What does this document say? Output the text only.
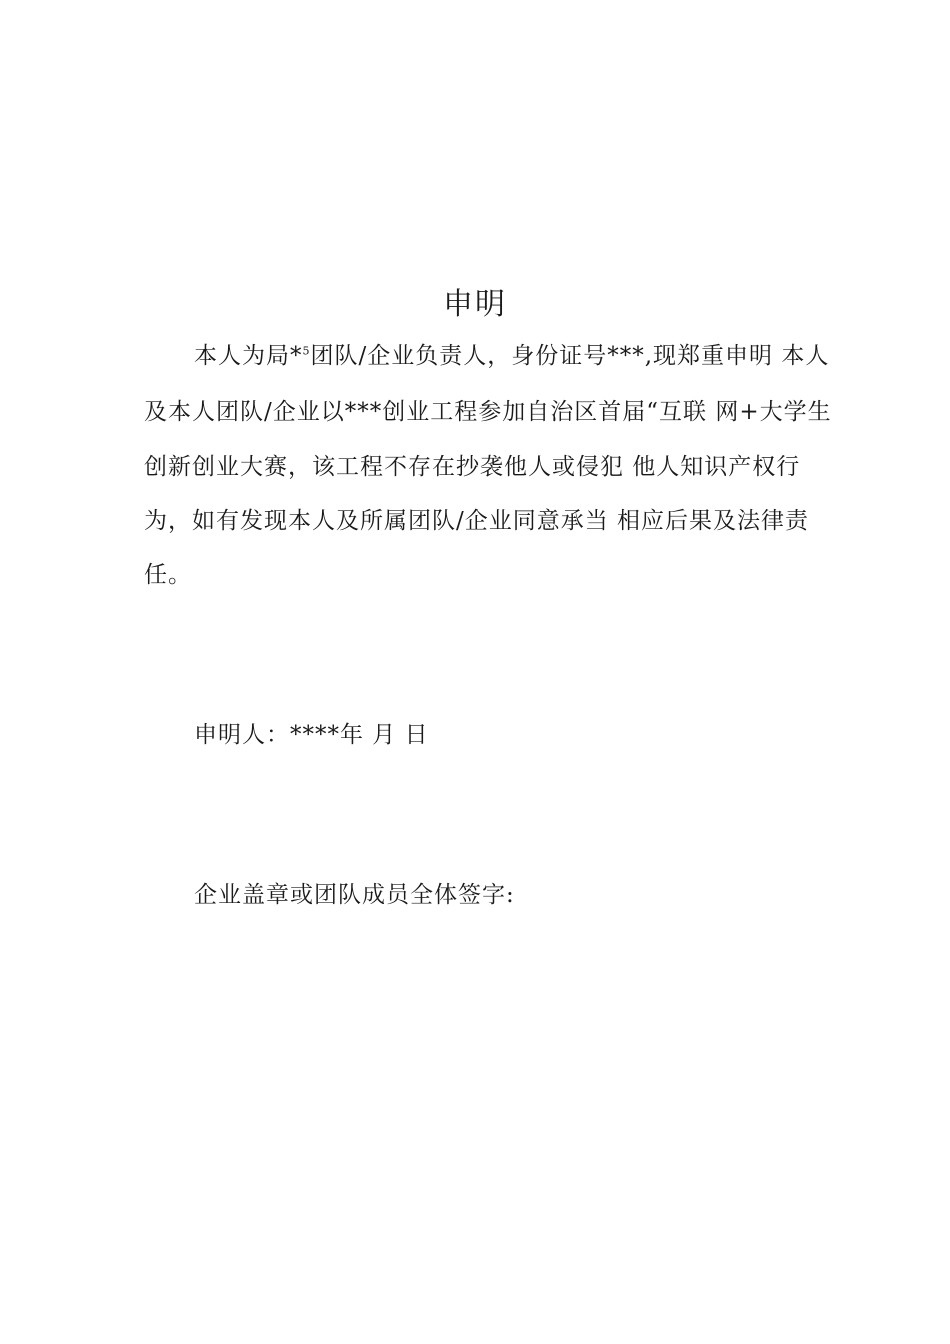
申明
本人为局*$^5$团队/企业负责人，身份证号***,现郑重申明 本人
及本人团队/企业以***创业工程参加自治区首届“互联 网+大学生
创新创业大赛，该工程不存在抄袭他人或侵犯 他人知识产权行
为，如有发现本人及所属团队/企业同意承当 相应后果及法律责
任。
申明人：****年 月 日
企业盖章或团队成员全体签字:
